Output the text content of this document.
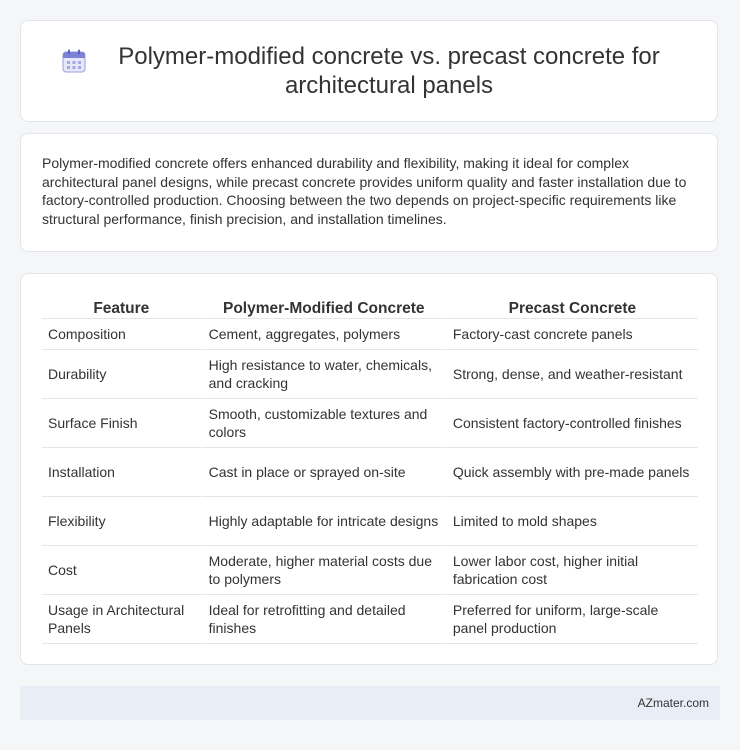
Polymer-modified concrete vs. precast concrete for architectural panels

Polymer-modified concrete offers enhanced durability and flexibility, making it ideal for complex architectural panel designs, while precast concrete provides uniform quality and faster installation due to factory-controlled production. Choosing between the two depends on project-specific requirements like structural performance, finish precision, and installation timelines.

Feature	Polymer-Modified Concrete	Precast Concrete
Composition	Cement, aggregates, polymers	Factory-cast concrete panels
Durability	High resistance to water, chemicals, and cracking	Strong, dense, and weather-resistant
Surface Finish	Smooth, customizable textures and colors	Consistent factory-controlled finishes
Installation	Cast in place or sprayed on-site	Quick assembly with pre-made panels
Flexibility	Highly adaptable for intricate designs	Limited to mold shapes
Cost	Moderate, higher material costs due to polymers	Lower labor cost, higher initial fabrication cost
Usage in Architectural Panels	Ideal for retrofitting and detailed finishes	Preferred for uniform, large-scale panel production
AZmater.com
